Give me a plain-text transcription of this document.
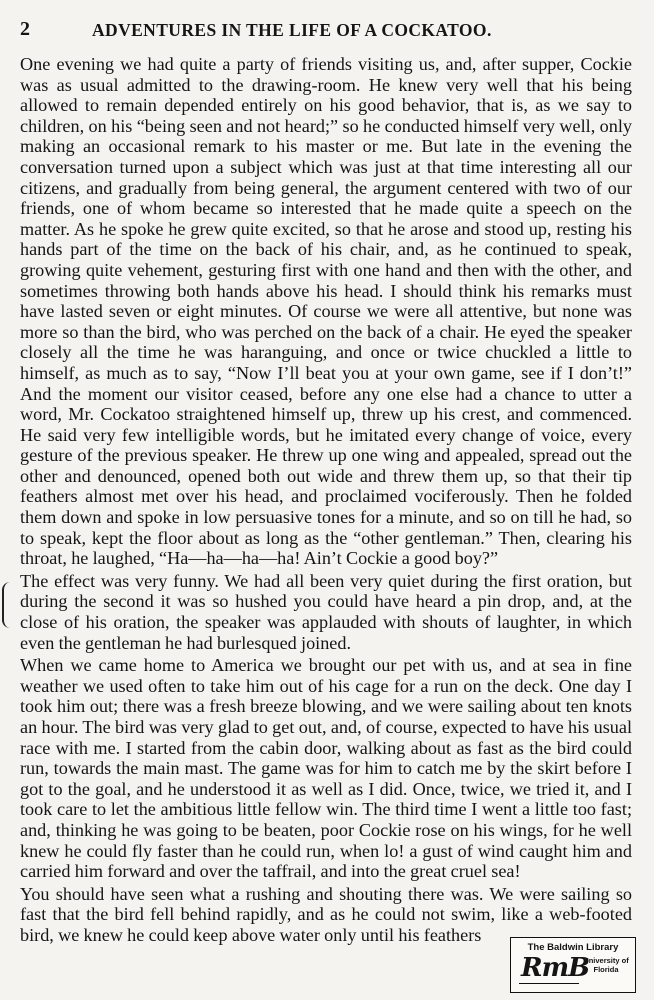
2	ADVENTURES IN THE LIFE OF A COCKATOO.

One evening we had quite a party of friends visiting us, and, after supper, Cockie was as usual admitted to the drawing-room. He knew very well that his being allowed to remain depended entirely on his good behavior, that is, as we say to children, on his “being seen and not heard;” so he conducted himself very well, only making an occasional remark to his master or me. But late in the evening the conversation turned upon a subject which was just at that time interesting all our citizens, and gradually from being general, the argument centered with two of our friends, one of whom became so interested that he made quite a speech on the matter. As he spoke he grew quite excited, so that he arose and stood up, resting his hands part of the time on the back of his chair, and, as he continued to speak, growing quite vehement, gesturing first with one hand and then with the other, and sometimes throwing both hands above his head. I should think his remarks must have lasted seven or eight minutes. Of course we were all attentive, but none was more so than the bird, who was perched on the back of a chair. He eyed the speaker closely all the time he was haranguing, and once or twice chuckled a little to himself, as much as to say, “Now I’ll beat you at your own game, see if I don’t!” And the moment our visitor ceased, before any one else had a chance to utter a word, Mr. Cockatoo straightened himself up, threw up his crest, and commenced. He said very few intelligible words, but he imitated every change of voice, every gesture of the previous speaker. He threw up one wing and appealed, spread out the other and denounced, opened both out wide and threw them up, so that their tip feathers almost met over his head, and proclaimed vociferously. Then he folded them down and spoke in low persuasive tones for a minute, and so on till he had, so to speak, kept the floor about as long as the “other gentleman.” Then, clearing his throat, he laughed, “Ha—ha—ha—ha! Ain’t Cockie a good boy?”

The effect was very funny. We had all been very quiet during the first oration, but during the second it was so hushed you could have heard a pin drop, and, at the close of his oration, the speaker was applauded with shouts of laughter, in which even the gentleman he had burlesqued joined.

When we came home to America we brought our pet with us, and at sea in fine weather we used often to take him out of his cage for a run on the deck. One day I took him out; there was a fresh breeze blowing, and we were sailing about ten knots an hour. The bird was very glad to get out, and, of course, expected to have his usual race with me. I started from the cabin door, walking about as fast as the bird could run, towards the main mast. The game was for him to catch me by the skirt before I got to the goal, and he understood it as well as I did. Once, twice, we tried it, and I took care to let the ambitious little fellow win. The third time I went a little too fast; and, thinking he was going to be beaten, poor Cockie rose on his wings, for he well knew he could fly faster than he could run, when lo! a gust of wind caught him and carried him forward and over the taffrail, and into the great cruel sea!

You should have seen what a rushing and shouting there was. We were sailing so fast that the bird fell behind rapidly, and as he could not swim, like a web-footed bird, we knew he could keep above water only until his feathers

The Baldwin Library
RmB
University of Florida
